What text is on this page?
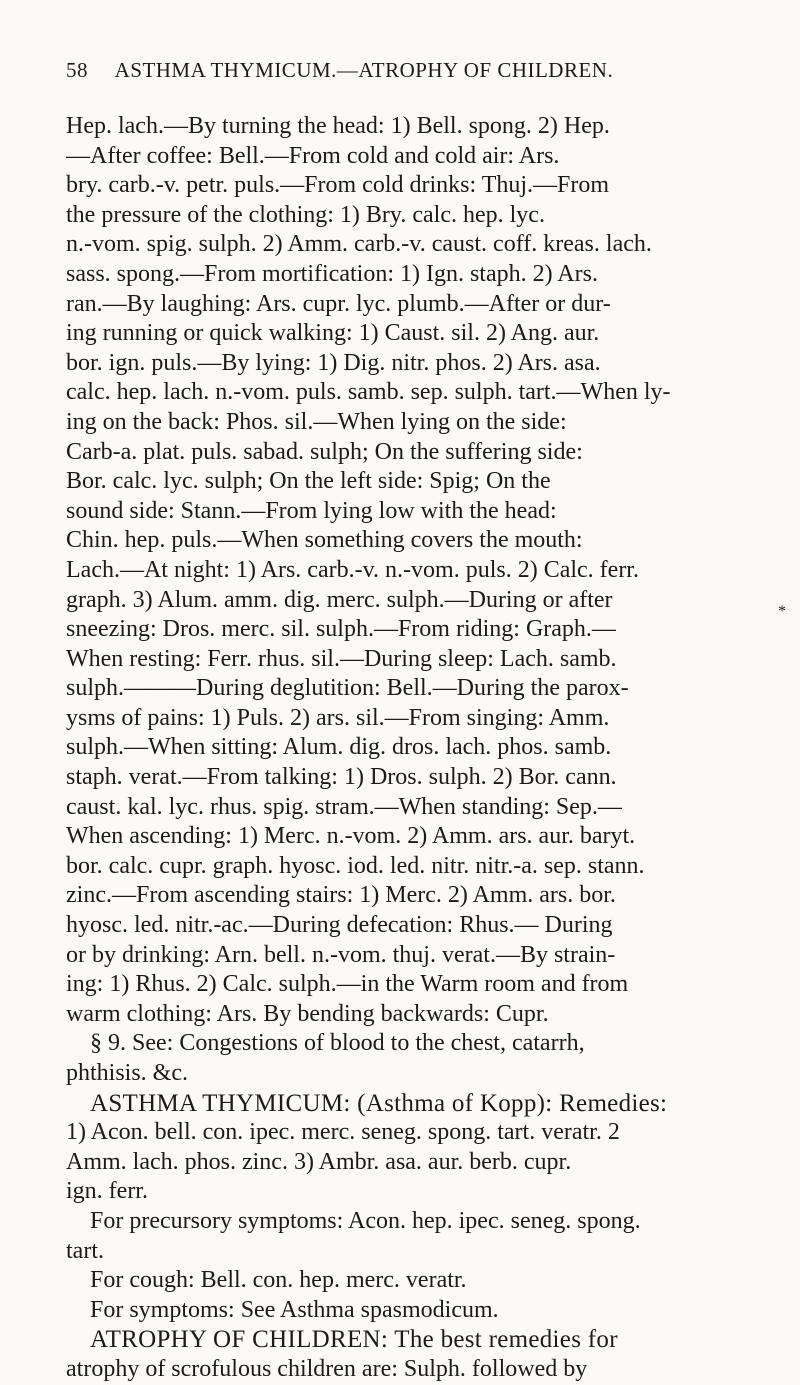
58 ASTHMA THYMICUM.—ATROPHY OF CHILDREN.
*
Hep. lach.—By turning the head: 1) Bell. spong. 2) Hep.
—After coffee: Bell.—From cold and cold air: Ars.
bry. carb.-v. petr. puls.—From cold drinks: Thuj.—From
the pressure of the clothing: 1) Bry. calc. hep. lyc.
n.-vom. spig. sulph. 2) Amm. carb.-v. caust. coff. kreas. lach.
sass. spong.—From mortification: 1) Ign. staph. 2) Ars.
ran.—By laughing: Ars. cupr. lyc. plumb.—After or dur-
ing running or quick walking: 1) Caust. sil. 2) Ang. aur.
bor. ign. puls.—By lying: 1) Dig. nitr. phos. 2) Ars. asa.
calc. hep. lach. n.-vom. puls. samb. sep. sulph. tart.—When ly-
ing on the back: Phos. sil.—When lying on the side:
Carb-a. plat. puls. sabad. sulph; On the suffering side:
Bor. calc. lyc. sulph; On the left side: Spig; On the
sound side: Stann.—From lying low with the head:
Chin. hep. puls.—When something covers the mouth:
Lach.—At night: 1) Ars. carb.-v. n.-vom. puls. 2) Calc. ferr.
graph. 3) Alum. amm. dig. merc. sulph.—During or after
sneezing: Dros. merc. sil. sulph.—From riding: Graph.—
When resting: Ferr. rhus. sil.—During sleep: Lach. samb.
sulph.———During deglutition: Bell.—During the parox-
ysms of pains: 1) Puls. 2) ars. sil.—From singing: Amm.
sulph.—When sitting: Alum. dig. dros. lach. phos. samb.
staph. verat.—From talking: 1) Dros. sulph. 2) Bor. cann.
caust. kal. lyc. rhus. spig. stram.—When standing: Sep.—
When ascending: 1) Merc. n.-vom. 2) Amm. ars. aur. baryt.
bor. calc. cupr. graph. hyosc. iod. led. nitr. nitr.-a. sep. stann.
zinc.—From ascending stairs: 1) Merc. 2) Amm. ars. bor.
hyosc. led. nitr.-ac.—During defecation: Rhus.— During
or by drinking: Arn. bell. n.-vom. thuj. verat.—By strain-
ing: 1) Rhus. 2) Calc. sulph.—in the Warm room and from
warm clothing: Ars. By bending backwards: Cupr.
§ 9. See: Congestions of blood to the chest, catarrh,
phthisis. &c.
ASTHMA THYMICUM: (Asthma of Kopp): Remedies:
1) Acon. bell. con. ipec. merc. seneg. spong. tart. veratr. 2
Amm. lach. phos. zinc. 3) Ambr. asa. aur. berb. cupr.
ign. ferr.
For precursory symptoms: Acon. hep. ipec. seneg. spong.
tart.
For cough: Bell. con. hep. merc. veratr.
For symptoms: See Asthma spasmodicum.
ATROPHY OF CHILDREN: The best remedies for
atrophy of scrofulous children are: Sulph. followed by
